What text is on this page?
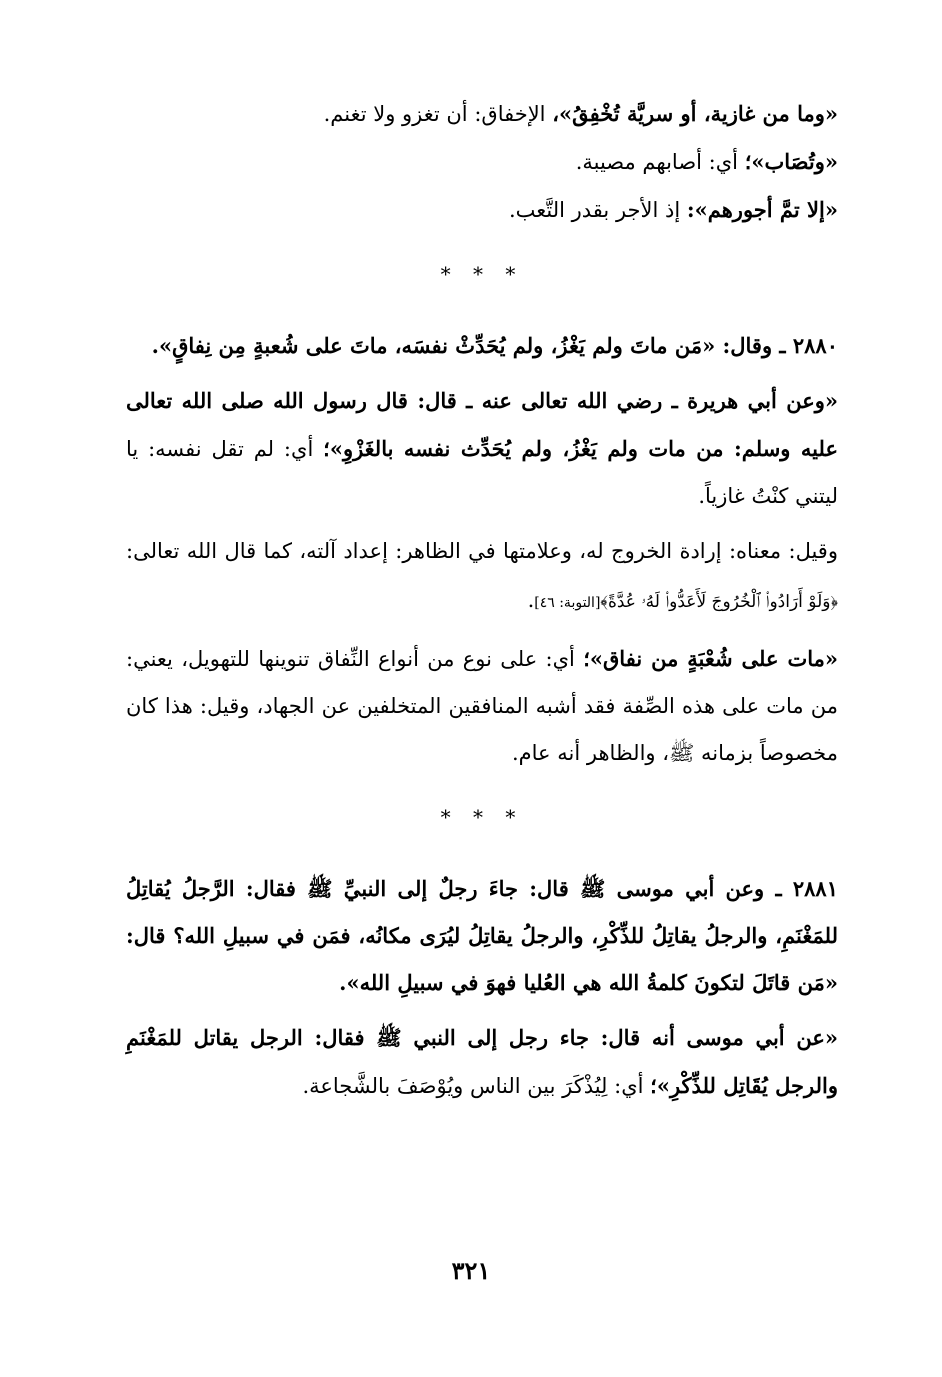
«وما من غازية، أو سريَّة تُخْفِقُ»، الإخفاق: أن تغزو ولا تغنم.

«وتُصَاب»؛ أي: أصابهم مصيبة.

«إلا تمَّ أجورهم»: إذ الأجر بقدر التَّعب.

* * *

٢٨٨٠ ـ وقال: «مَن ماتَ ولم يَغْزُ، ولم يُحَدِّثْ نفسَه، ماتَ على شُعبةٍ مِن نِفاقٍ».

«وعن أبي هريرة ـ رضي الله تعالى عنه ـ قال: قال رسول الله صلى الله تعالى عليه وسلم: من مات ولم يَغْزُ، ولم يُحَدِّث نفسه بالغَزْوِ»؛ أي: لم تقل نفسه: يا ليتني كنْتُ غازياً.

وقيل: معناه: إرادة الخروج له، وعلامتها في الظاهر: إعداد آلته، كما قال الله تعالى: ﴿وَلَوْ أَرَادُوا۟ ٱلْخُرُوجَ لَأَعَدُّوا۟ لَهُۥ عُدَّةً﴾[التوبة: ٤٦].

«مات على شُعْبَةٍ من نفاق»؛ أي: على نوع من أنواع النِّفاق تنوينها للتهويل، يعني: من مات على هذه الصِّفة فقد أشبه المنافقين المتخلفين عن الجهاد، وقيل: هذا كان مخصوصاً بزمانه ﷺ، والظاهر أنه عام.

* * *

٢٨٨١ ـ وعن أبي موسى ﷺ قال: جاءَ رجلٌ إلى النبيِّ ﷺ فقال: الرَّجلُ يُقاتِلُ للمَغْنَمِ، والرجلُ يقاتِلُ للذِّكْرِ، والرجلُ يقاتِلُ ليُرَى مكانُه، فمَن في سبيلِ الله؟ قال: «مَن قاتَلَ لتكونَ كلمةُ الله هي العُليا فهوَ في سبيلِ الله».

«عن أبي موسى أنه قال: جاء رجل إلى النبي ﷺ فقال: الرجل يقاتل للمَغْنَمِ والرجل يُقَاتِل للذِّكْرِ»؛ أي: لِيُذْكَرَ بين الناس ويُوْصَفَ بالشَّجاعة.

٣٢١
